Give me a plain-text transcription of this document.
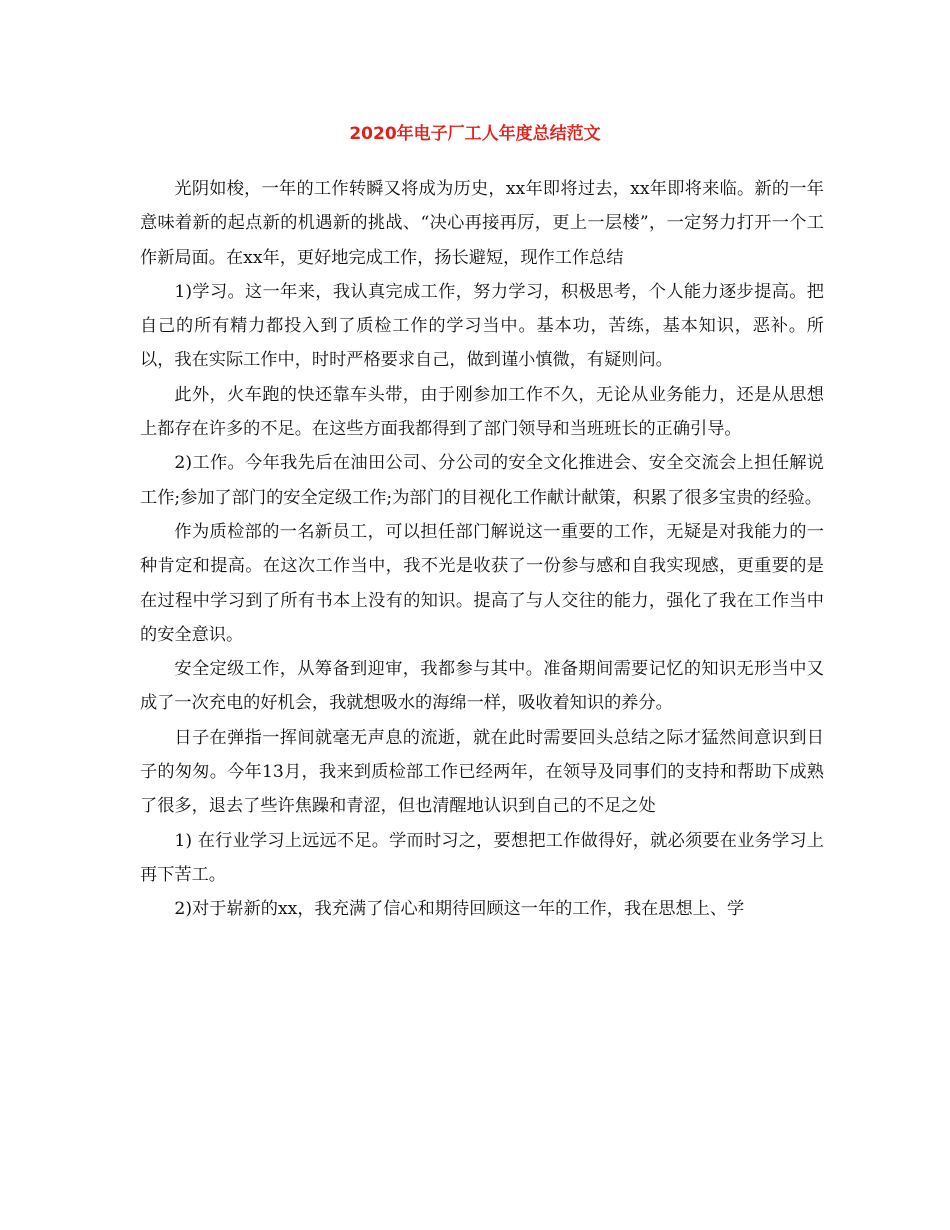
2020年电子厂工人年度总结范文

光阴如梭，一年的工作转瞬又将成为历史，xx年即将过去，xx年即将来临。新的一年意味着新的起点新的机遇新的挑战、“决心再接再厉，更上一层楼”，一定努力打开一个工作新局面。在xx年，更好地完成工作，扬长避短，现作工作总结

1)学习。这一年来，我认真完成工作，努力学习，积极思考，个人能力逐步提高。把自己的所有精力都投入到了质检工作的学习当中。基本功，苦练，基本知识，恶补。所以，我在实际工作中，时时严格要求自己，做到谨小慎微，有疑则问。

此外，火车跑的快还靠车头带，由于刚参加工作不久，无论从业务能力，还是从思想上都存在许多的不足。在这些方面我都得到了部门领导和当班班长的正确引导。

2)工作。今年我先后在油田公司、分公司的安全文化推进会、安全交流会上担任解说工作;参加了部门的安全定级工作;为部门的目视化工作献计献策，积累了很多宝贵的经验。

作为质检部的一名新员工，可以担任部门解说这一重要的工作，无疑是对我能力的一种肯定和提高。在这次工作当中，我不光是收获了一份参与感和自我实现感，更重要的是在过程中学习到了所有书本上没有的知识。提高了与人交往的能力，强化了我在工作当中的安全意识。

安全定级工作，从筹备到迎审，我都参与其中。准备期间需要记忆的知识无形当中又成了一次充电的好机会，我就想吸水的海绵一样，吸收着知识的养分。

日子在弹指一挥间就毫无声息的流逝，就在此时需要回头总结之际才猛然间意识到日子的匆匆。今年13月，我来到质检部工作已经两年，在领导及同事们的支持和帮助下成熟了很多，退去了些许焦躁和青涩，但也清醒地认识到自己的不足之处

1) 在行业学习上远远不足。学而时习之，要想把工作做得好，就必须要在业务学习上再下苦工。

2)对于崭新的xx，我充满了信心和期待回顾这一年的工作，我在思想上、学
